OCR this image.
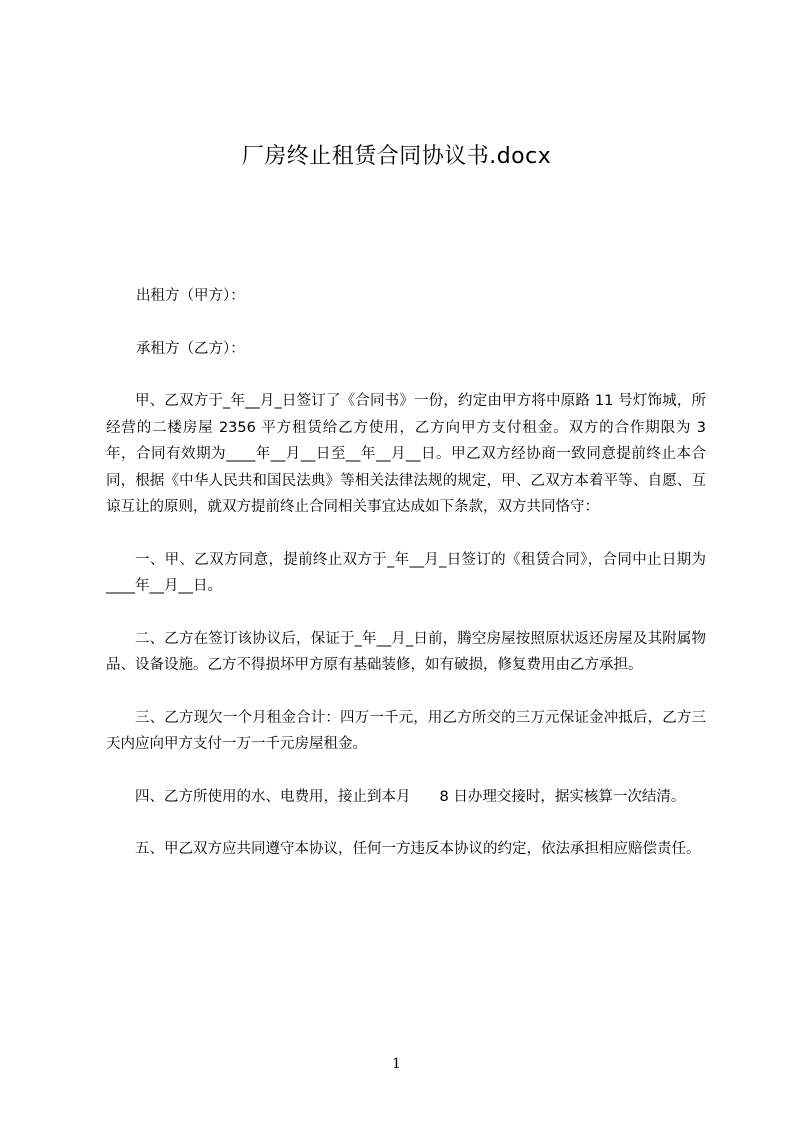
厂房终止租赁合同协议书.docx

出租方（甲方）：

承租方（乙方）：

甲、乙双方于_年__月_日签订了《合同书》一份，约定由甲方将中原路 11 号灯饰城，所经营的二楼房屋 2356 平方租赁给乙方使用，乙方向甲方支付租金。双方的合作期限为 3 年，合同有效期为____年__月__日至__年__月__日。甲乙双方经协商一致同意提前终止本合同，根据《中华人民共和国民法典》等相关法律法规的规定，甲、乙双方本着平等、自愿、互谅互让的原则，就双方提前终止合同相关事宜达成如下条款，双方共同恪守：

一、甲、乙双方同意，提前终止双方于_年__月_日签订的《租赁合同》，合同中止日期为____年__月__日。

二、乙方在签订该协议后，保证于_年__月_日前，腾空房屋按照原状返还房屋及其附属物品、设备设施。乙方不得损坏甲方原有基础装修，如有破损，修复费用由乙方承担。

三、乙方现欠一个月租金合计：四万一千元，用乙方所交的三万元保证金冲抵后，乙方三天内应向甲方支付一万一千元房屋租金。

四、乙方所使用的水、电费用，接止到本月　　8 日办理交接时，据实核算一次结清。

五、甲乙双方应共同遵守本协议，任何一方违反本协议的约定，依法承担相应赔偿责任。

1
